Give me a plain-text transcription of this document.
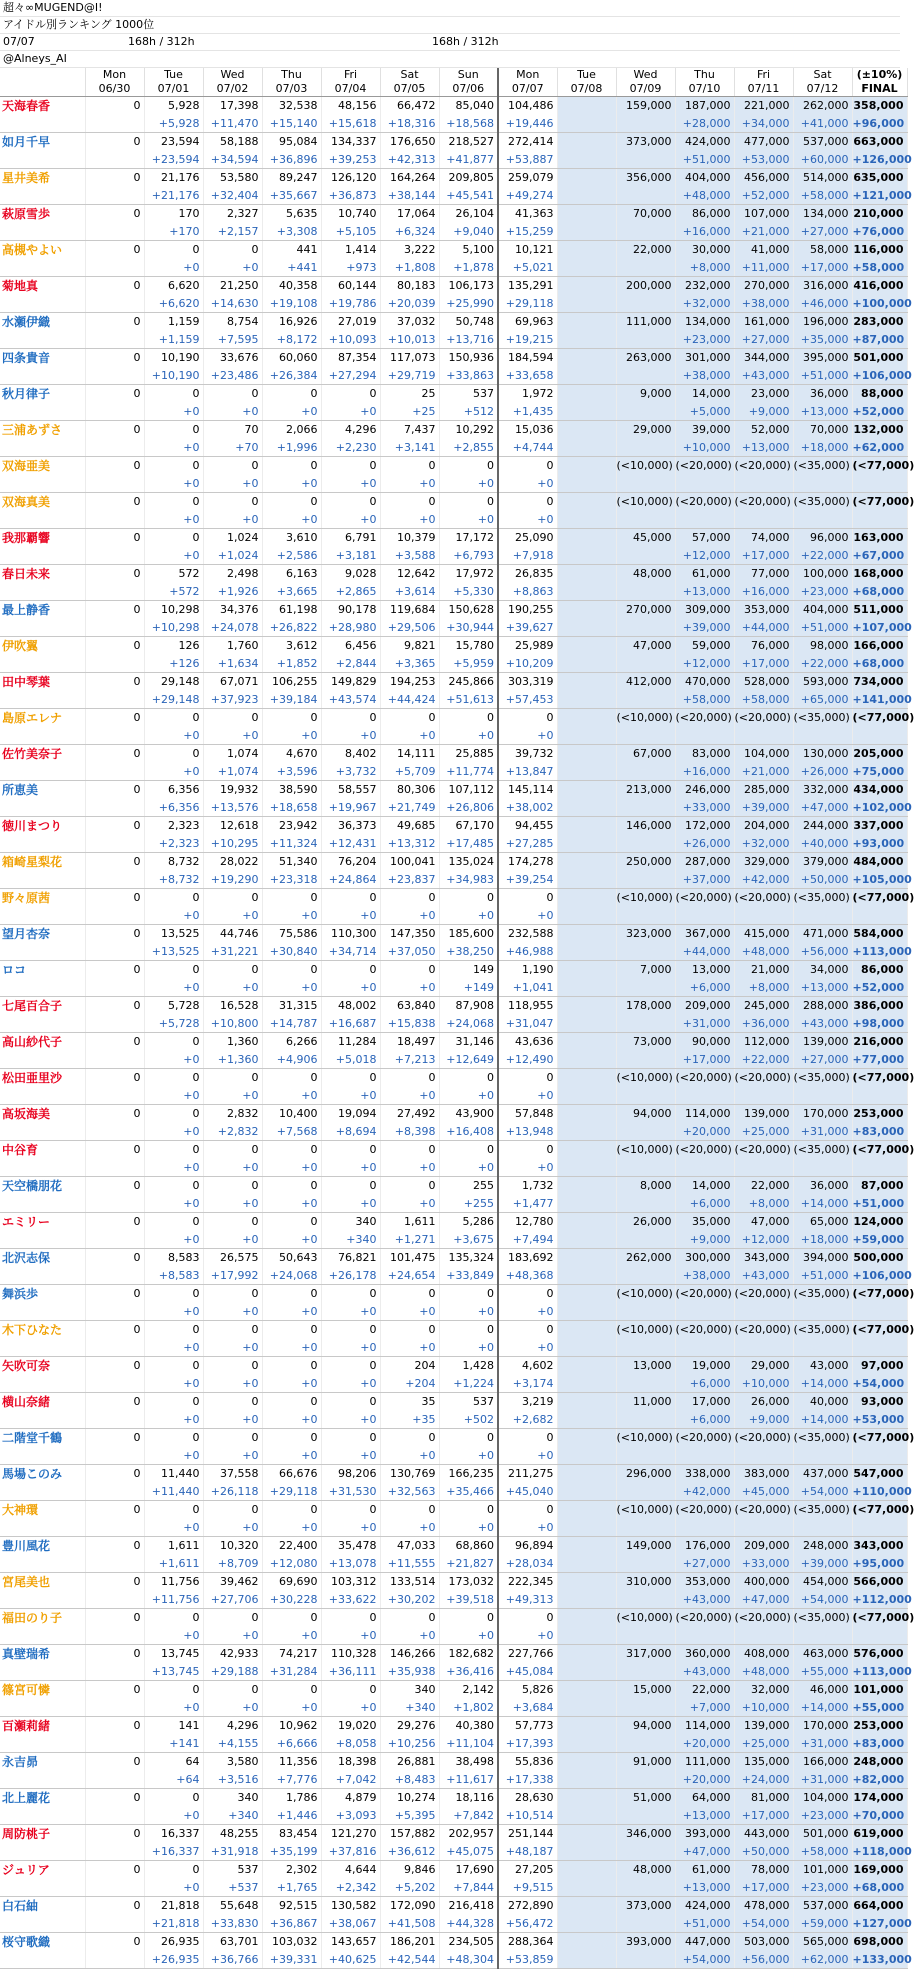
超々∞MUGEND@I!
アイドル別ランキング 1000位
07/07	168h / 312h	168h / 312h
@Alneys_AI
	Mon	Tue	Wed	Thu	Fri	Sat	Sun	Mon	Tue	Wed	Thu	Fri	Sat	(±10%)
	06/30	07/01	07/02	07/03	07/04	07/05	07/06	07/07	07/08	07/09	07/10	07/11	07/12	FINAL
天海春香	0	5,928	17,398	32,538	48,156	66,472	85,040	104,486		159,000	187,000	221,000	262,000	358,000
		+5,928	+11,470	+15,140	+15,618	+18,316	+18,568	+19,446			+28,000	+34,000	+41,000	+96,000
如月千早	0	23,594	58,188	95,084	134,337	176,650	218,527	272,414		373,000	424,000	477,000	537,000	663,000
		+23,594	+34,594	+36,896	+39,253	+42,313	+41,877	+53,887			+51,000	+53,000	+60,000	+126,000
星井美希	0	21,176	53,580	89,247	126,120	164,264	209,805	259,079		356,000	404,000	456,000	514,000	635,000
		+21,176	+32,404	+35,667	+36,873	+38,144	+45,541	+49,274			+48,000	+52,000	+58,000	+121,000
萩原雪歩	0	170	2,327	5,635	10,740	17,064	26,104	41,363		70,000	86,000	107,000	134,000	210,000
		+170	+2,157	+3,308	+5,105	+6,324	+9,040	+15,259			+16,000	+21,000	+27,000	+76,000
高槻やよい	0	0	0	441	1,414	3,222	5,100	10,121		22,000	30,000	41,000	58,000	116,000
		+0	+0	+441	+973	+1,808	+1,878	+5,021			+8,000	+11,000	+17,000	+58,000
菊地真	0	6,620	21,250	40,358	60,144	80,183	106,173	135,291		200,000	232,000	270,000	316,000	416,000
		+6,620	+14,630	+19,108	+19,786	+20,039	+25,990	+29,118			+32,000	+38,000	+46,000	+100,000
水瀬伊織	0	1,159	8,754	16,926	27,019	37,032	50,748	69,963		111,000	134,000	161,000	196,000	283,000
		+1,159	+7,595	+8,172	+10,093	+10,013	+13,716	+19,215			+23,000	+27,000	+35,000	+87,000
四条貴音	0	10,190	33,676	60,060	87,354	117,073	150,936	184,594		263,000	301,000	344,000	395,000	501,000
		+10,190	+23,486	+26,384	+27,294	+29,719	+33,863	+33,658			+38,000	+43,000	+51,000	+106,000
秋月律子	0	0	0	0	0	25	537	1,972		9,000	14,000	23,000	36,000	88,000
		+0	+0	+0	+0	+25	+512	+1,435			+5,000	+9,000	+13,000	+52,000
三浦あずさ	0	0	70	2,066	4,296	7,437	10,292	15,036		29,000	39,000	52,000	70,000	132,000
		+0	+70	+1,996	+2,230	+3,141	+2,855	+4,744			+10,000	+13,000	+18,000	+62,000
双海亜美	0	0	0	0	0	0	0	0		(<10,000)	(<20,000)	(<20,000)	(<35,000)	(<77,000)
		+0	+0	+0	+0	+0	+0	+0						
双海真美	0	0	0	0	0	0	0	0		(<10,000)	(<20,000)	(<20,000)	(<35,000)	(<77,000)
		+0	+0	+0	+0	+0	+0	+0						
我那覇響	0	0	1,024	3,610	6,791	10,379	17,172	25,090		45,000	57,000	74,000	96,000	163,000
		+0	+1,024	+2,586	+3,181	+3,588	+6,793	+7,918			+12,000	+17,000	+22,000	+67,000
春日未来	0	572	2,498	6,163	9,028	12,642	17,972	26,835		48,000	61,000	77,000	100,000	168,000
		+572	+1,926	+3,665	+2,865	+3,614	+5,330	+8,863			+13,000	+16,000	+23,000	+68,000
最上静香	0	10,298	34,376	61,198	90,178	119,684	150,628	190,255		270,000	309,000	353,000	404,000	511,000
		+10,298	+24,078	+26,822	+28,980	+29,506	+30,944	+39,627			+39,000	+44,000	+51,000	+107,000
伊吹翼	0	126	1,760	3,612	6,456	9,821	15,780	25,989		47,000	59,000	76,000	98,000	166,000
		+126	+1,634	+1,852	+2,844	+3,365	+5,959	+10,209			+12,000	+17,000	+22,000	+68,000
田中琴葉	0	29,148	67,071	106,255	149,829	194,253	245,866	303,319		412,000	470,000	528,000	593,000	734,000
		+29,148	+37,923	+39,184	+43,574	+44,424	+51,613	+57,453			+58,000	+58,000	+65,000	+141,000
島原エレナ	0	0	0	0	0	0	0	0		(<10,000)	(<20,000)	(<20,000)	(<35,000)	(<77,000)
		+0	+0	+0	+0	+0	+0	+0						
佐竹美奈子	0	0	1,074	4,670	8,402	14,111	25,885	39,732		67,000	83,000	104,000	130,000	205,000
		+0	+1,074	+3,596	+3,732	+5,709	+11,774	+13,847			+16,000	+21,000	+26,000	+75,000
所恵美	0	6,356	19,932	38,590	58,557	80,306	107,112	145,114		213,000	246,000	285,000	332,000	434,000
		+6,356	+13,576	+18,658	+19,967	+21,749	+26,806	+38,002			+33,000	+39,000	+47,000	+102,000
徳川まつり	0	2,323	12,618	23,942	36,373	49,685	67,170	94,455		146,000	172,000	204,000	244,000	337,000
		+2,323	+10,295	+11,324	+12,431	+13,312	+17,485	+27,285			+26,000	+32,000	+40,000	+93,000
箱崎星梨花	0	8,732	28,022	51,340	76,204	100,041	135,024	174,278		250,000	287,000	329,000	379,000	484,000
		+8,732	+19,290	+23,318	+24,864	+23,837	+34,983	+39,254			+37,000	+42,000	+50,000	+105,000
野々原茜	0	0	0	0	0	0	0	0		(<10,000)	(<20,000)	(<20,000)	(<35,000)	(<77,000)
		+0	+0	+0	+0	+0	+0	+0						
望月杏奈	0	13,525	44,746	75,586	110,300	147,350	185,600	232,588		323,000	367,000	415,000	471,000	584,000
		+13,525	+31,221	+30,840	+34,714	+37,050	+38,250	+46,988			+44,000	+48,000	+56,000	+113,000
ロコ	0	0	0	0	0	0	149	1,190		7,000	13,000	21,000	34,000	86,000
		+0	+0	+0	+0	+0	+149	+1,041			+6,000	+8,000	+13,000	+52,000
七尾百合子	0	5,728	16,528	31,315	48,002	63,840	87,908	118,955		178,000	209,000	245,000	288,000	386,000
		+5,728	+10,800	+14,787	+16,687	+15,838	+24,068	+31,047			+31,000	+36,000	+43,000	+98,000
高山紗代子	0	0	1,360	6,266	11,284	18,497	31,146	43,636		73,000	90,000	112,000	139,000	216,000
		+0	+1,360	+4,906	+5,018	+7,213	+12,649	+12,490			+17,000	+22,000	+27,000	+77,000
松田亜里沙	0	0	0	0	0	0	0	0		(<10,000)	(<20,000)	(<20,000)	(<35,000)	(<77,000)
		+0	+0	+0	+0	+0	+0	+0						
高坂海美	0	0	2,832	10,400	19,094	27,492	43,900	57,848		94,000	114,000	139,000	170,000	253,000
		+0	+2,832	+7,568	+8,694	+8,398	+16,408	+13,948			+20,000	+25,000	+31,000	+83,000
中谷育	0	0	0	0	0	0	0	0		(<10,000)	(<20,000)	(<20,000)	(<35,000)	(<77,000)
		+0	+0	+0	+0	+0	+0	+0						
天空橋朋花	0	0	0	0	0	0	255	1,732		8,000	14,000	22,000	36,000	87,000
		+0	+0	+0	+0	+0	+255	+1,477			+6,000	+8,000	+14,000	+51,000
エミリー	0	0	0	0	340	1,611	5,286	12,780		26,000	35,000	47,000	65,000	124,000
		+0	+0	+0	+340	+1,271	+3,675	+7,494			+9,000	+12,000	+18,000	+59,000
北沢志保	0	8,583	26,575	50,643	76,821	101,475	135,324	183,692		262,000	300,000	343,000	394,000	500,000
		+8,583	+17,992	+24,068	+26,178	+24,654	+33,849	+48,368			+38,000	+43,000	+51,000	+106,000
舞浜歩	0	0	0	0	0	0	0	0		(<10,000)	(<20,000)	(<20,000)	(<35,000)	(<77,000)
		+0	+0	+0	+0	+0	+0	+0						
木下ひなた	0	0	0	0	0	0	0	0		(<10,000)	(<20,000)	(<20,000)	(<35,000)	(<77,000)
		+0	+0	+0	+0	+0	+0	+0						
矢吹可奈	0	0	0	0	0	204	1,428	4,602		13,000	19,000	29,000	43,000	97,000
		+0	+0	+0	+0	+204	+1,224	+3,174			+6,000	+10,000	+14,000	+54,000
横山奈緒	0	0	0	0	0	35	537	3,219		11,000	17,000	26,000	40,000	93,000
		+0	+0	+0	+0	+35	+502	+2,682			+6,000	+9,000	+14,000	+53,000
二階堂千鶴	0	0	0	0	0	0	0	0		(<10,000)	(<20,000)	(<20,000)	(<35,000)	(<77,000)
		+0	+0	+0	+0	+0	+0	+0						
馬場このみ	0	11,440	37,558	66,676	98,206	130,769	166,235	211,275		296,000	338,000	383,000	437,000	547,000
		+11,440	+26,118	+29,118	+31,530	+32,563	+35,466	+45,040			+42,000	+45,000	+54,000	+110,000
大神環	0	0	0	0	0	0	0	0		(<10,000)	(<20,000)	(<20,000)	(<35,000)	(<77,000)
		+0	+0	+0	+0	+0	+0	+0						
豊川風花	0	1,611	10,320	22,400	35,478	47,033	68,860	96,894		149,000	176,000	209,000	248,000	343,000
		+1,611	+8,709	+12,080	+13,078	+11,555	+21,827	+28,034			+27,000	+33,000	+39,000	+95,000
宮尾美也	0	11,756	39,462	69,690	103,312	133,514	173,032	222,345		310,000	353,000	400,000	454,000	566,000
		+11,756	+27,706	+30,228	+33,622	+30,202	+39,518	+49,313			+43,000	+47,000	+54,000	+112,000
福田のり子	0	0	0	0	0	0	0	0		(<10,000)	(<20,000)	(<20,000)	(<35,000)	(<77,000)
		+0	+0	+0	+0	+0	+0	+0						
真壁瑞希	0	13,745	42,933	74,217	110,328	146,266	182,682	227,766		317,000	360,000	408,000	463,000	576,000
		+13,745	+29,188	+31,284	+36,111	+35,938	+36,416	+45,084			+43,000	+48,000	+55,000	+113,000
篠宮可憐	0	0	0	0	0	340	2,142	5,826		15,000	22,000	32,000	46,000	101,000
		+0	+0	+0	+0	+340	+1,802	+3,684			+7,000	+10,000	+14,000	+55,000
百瀬莉緒	0	141	4,296	10,962	19,020	29,276	40,380	57,773		94,000	114,000	139,000	170,000	253,000
		+141	+4,155	+6,666	+8,058	+10,256	+11,104	+17,393			+20,000	+25,000	+31,000	+83,000
永吉昴	0	64	3,580	11,356	18,398	26,881	38,498	55,836		91,000	111,000	135,000	166,000	248,000
		+64	+3,516	+7,776	+7,042	+8,483	+11,617	+17,338			+20,000	+24,000	+31,000	+82,000
北上麗花	0	0	340	1,786	4,879	10,274	18,116	28,630		51,000	64,000	81,000	104,000	174,000
		+0	+340	+1,446	+3,093	+5,395	+7,842	+10,514			+13,000	+17,000	+23,000	+70,000
周防桃子	0	16,337	48,255	83,454	121,270	157,882	202,957	251,144		346,000	393,000	443,000	501,000	619,000
		+16,337	+31,918	+35,199	+37,816	+36,612	+45,075	+48,187			+47,000	+50,000	+58,000	+118,000
ジュリア	0	0	537	2,302	4,644	9,846	17,690	27,205		48,000	61,000	78,000	101,000	169,000
		+0	+537	+1,765	+2,342	+5,202	+7,844	+9,515			+13,000	+17,000	+23,000	+68,000
白石紬	0	21,818	55,648	92,515	130,582	172,090	216,418	272,890		373,000	424,000	478,000	537,000	664,000
		+21,818	+33,830	+36,867	+38,067	+41,508	+44,328	+56,472			+51,000	+54,000	+59,000	+127,000
桜守歌織	0	26,935	63,701	103,032	143,657	186,201	234,505	288,364		393,000	447,000	503,000	565,000	698,000
		+26,935	+36,766	+39,331	+40,625	+42,544	+48,304	+53,859			+54,000	+56,000	+62,000	+133,000
